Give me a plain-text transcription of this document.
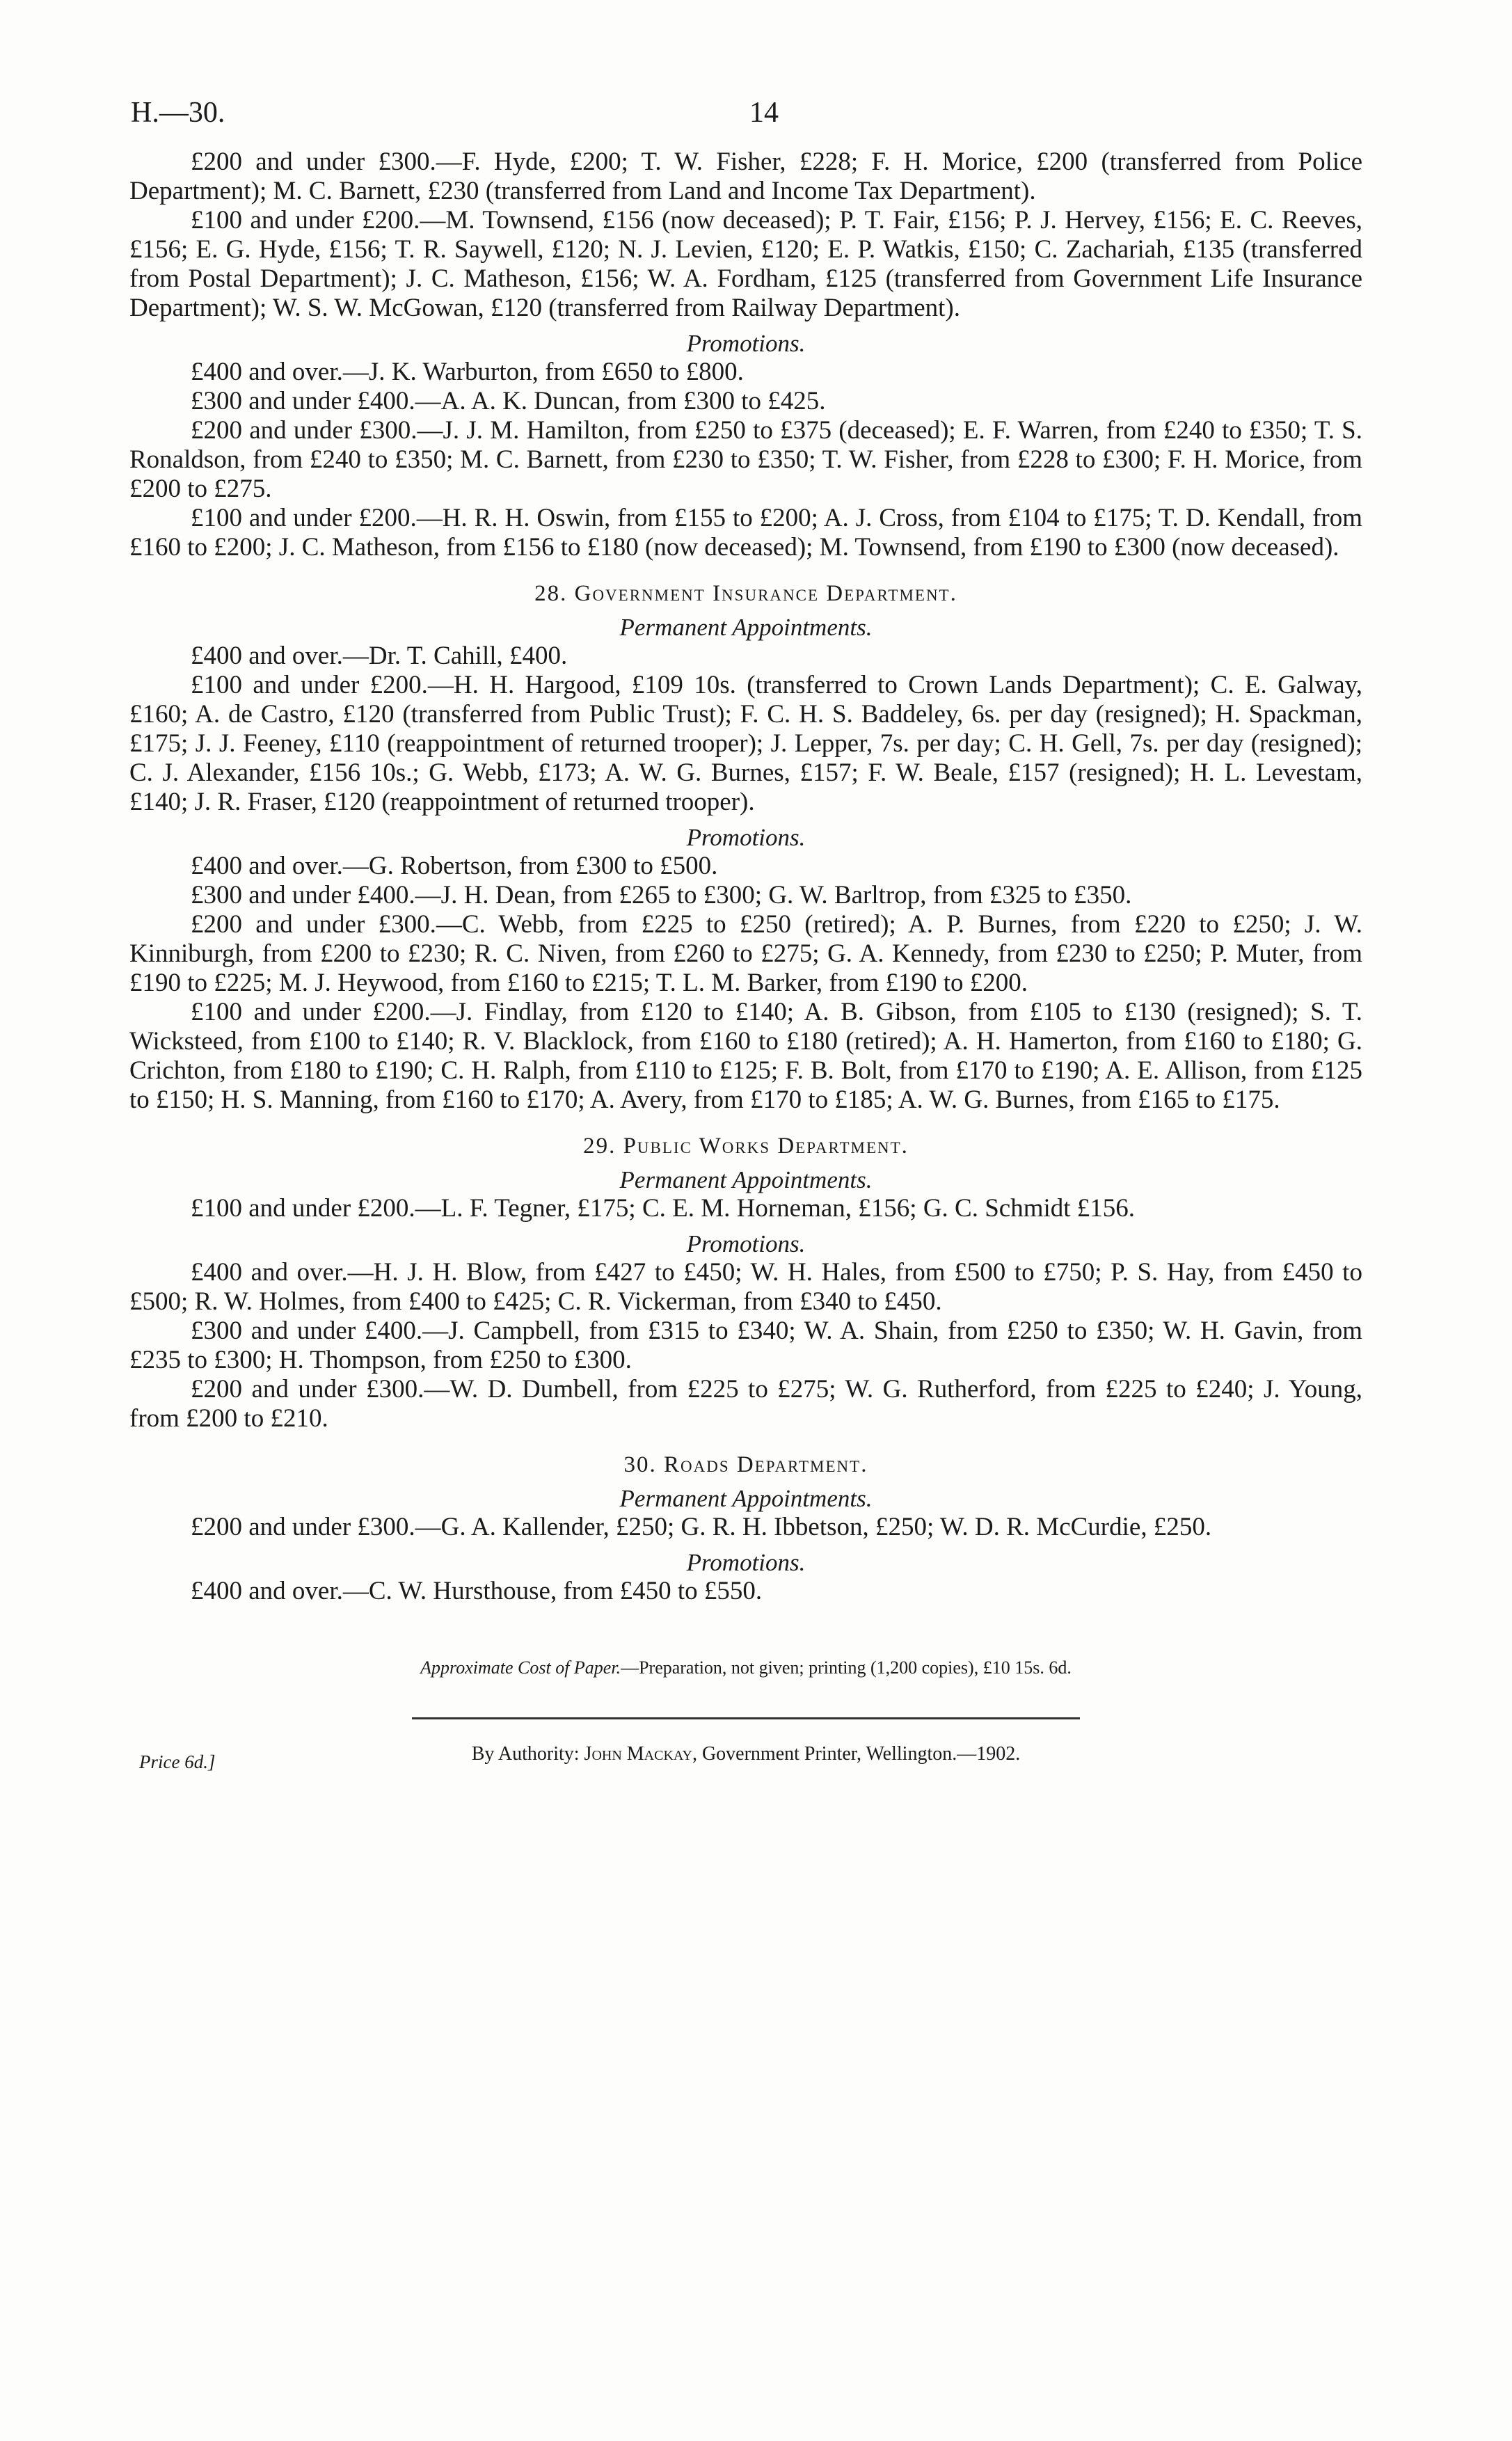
H.—30.	14

£200 and under £300.—F. Hyde, £200; T. W. Fisher, £228; F. H. Morice, £200 (transferred from Police Department); M. C. Barnett, £230 (transferred from Land and Income Tax Department).

£100 and under £200.—M. Townsend, £156 (now deceased); P. T. Fair, £156; P. J. Hervey, £156; E. C. Reeves, £156; E. G. Hyde, £156; T. R. Saywell, £120; N. J. Levien, £120; E. P. Watkis, £150; C. Zachariah, £135 (transferred from Postal Department); J. C. Matheson, £156; W. A. Fordham, £125 (transferred from Government Life Insurance Department); W. S. W. McGowan, £120 (transferred from Railway Department).

Promotions.

£400 and over.—J. K. Warburton, from £650 to £800.

£300 and under £400.—A. A. K. Duncan, from £300 to £425.

£200 and under £300.—J. J. M. Hamilton, from £250 to £375 (deceased); E. F. Warren, from £240 to £350; T. S. Ronaldson, from £240 to £350; M. C. Barnett, from £230 to £350; T. W. Fisher, from £228 to £300; F. H. Morice, from £200 to £275.

£100 and under £200.—H. R. H. Oswin, from £155 to £200; A. J. Cross, from £104 to £175; T. D. Kendall, from £160 to £200; J. C. Matheson, from £156 to £180 (now deceased); M. Townsend, from £190 to £300 (now deceased).

28. Government Insurance Department.

Permanent Appointments.

£400 and over.—Dr. T. Cahill, £400.

£100 and under £200.—H. H. Hargood, £109 10s. (transferred to Crown Lands Department); C. E. Galway, £160; A. de Castro, £120 (transferred from Public Trust); F. C. H. S. Baddeley, 6s. per day (resigned); H. Spackman, £175; J. J. Feeney, £110 (reappointment of returned trooper); J. Lepper, 7s. per day; C. H. Gell, 7s. per day (resigned); C. J. Alexander, £156 10s.; G. Webb, £173; A. W. G. Burnes, £157; F. W. Beale, £157 (resigned); H. L. Levestam, £140; J. R. Fraser, £120 (reappointment of returned trooper).

Promotions.

£400 and over.—G. Robertson, from £300 to £500.

£300 and under £400.—J. H. Dean, from £265 to £300; G. W. Barltrop, from £325 to £350.

£200 and under £300.—C. Webb, from £225 to £250 (retired); A. P. Burnes, from £220 to £250; J. W. Kinniburgh, from £200 to £230; R. C. Niven, from £260 to £275; G. A. Kennedy, from £230 to £250; P. Muter, from £190 to £225; M. J. Heywood, from £160 to £215; T. L. M. Barker, from £190 to £200.

£100 and under £200.—J. Findlay, from £120 to £140; A. B. Gibson, from £105 to £130 (resigned); S. T. Wicksteed, from £100 to £140; R. V. Blacklock, from £160 to £180 (retired); A. H. Hamerton, from £160 to £180; G. Crichton, from £180 to £190; C. H. Ralph, from £110 to £125; F. B. Bolt, from £170 to £190; A. E. Allison, from £125 to £150; H. S. Manning, from £160 to £170; A. Avery, from £170 to £185; A. W. G. Burnes, from £165 to £175.

29. Public Works Department.

Permanent Appointments.

£100 and under £200.—L. F. Tegner, £175; C. E. M. Horneman, £156; G. C. Schmidt £156.

Promotions.

£400 and over.—H. J. H. Blow, from £427 to £450; W. H. Hales, from £500 to £750; P. S. Hay, from £450 to £500; R. W. Holmes, from £400 to £425; C. R. Vickerman, from £340 to £450.

£300 and under £400.—J. Campbell, from £315 to £340; W. A. Shain, from £250 to £350; W. H. Gavin, from £235 to £300; H. Thompson, from £250 to £300.

£200 and under £300.—W. D. Dumbell, from £225 to £275; W. G. Rutherford, from £225 to £240; J. Young, from £200 to £210.

30. Roads Department.

Permanent Appointments.

£200 and under £300.—G. A. Kallender, £250; G. R. H. Ibbetson, £250; W. D. R. McCurdie, £250.

Promotions.

£400 and over.—C. W. Hursthouse, from £450 to £550.

Approximate Cost of Paper.—Preparation, not given; printing (1,200 copies), £10 15s. 6d.
Price 6d.]	By Authority: John Mackay, Government Printer, Wellington.—1902.
